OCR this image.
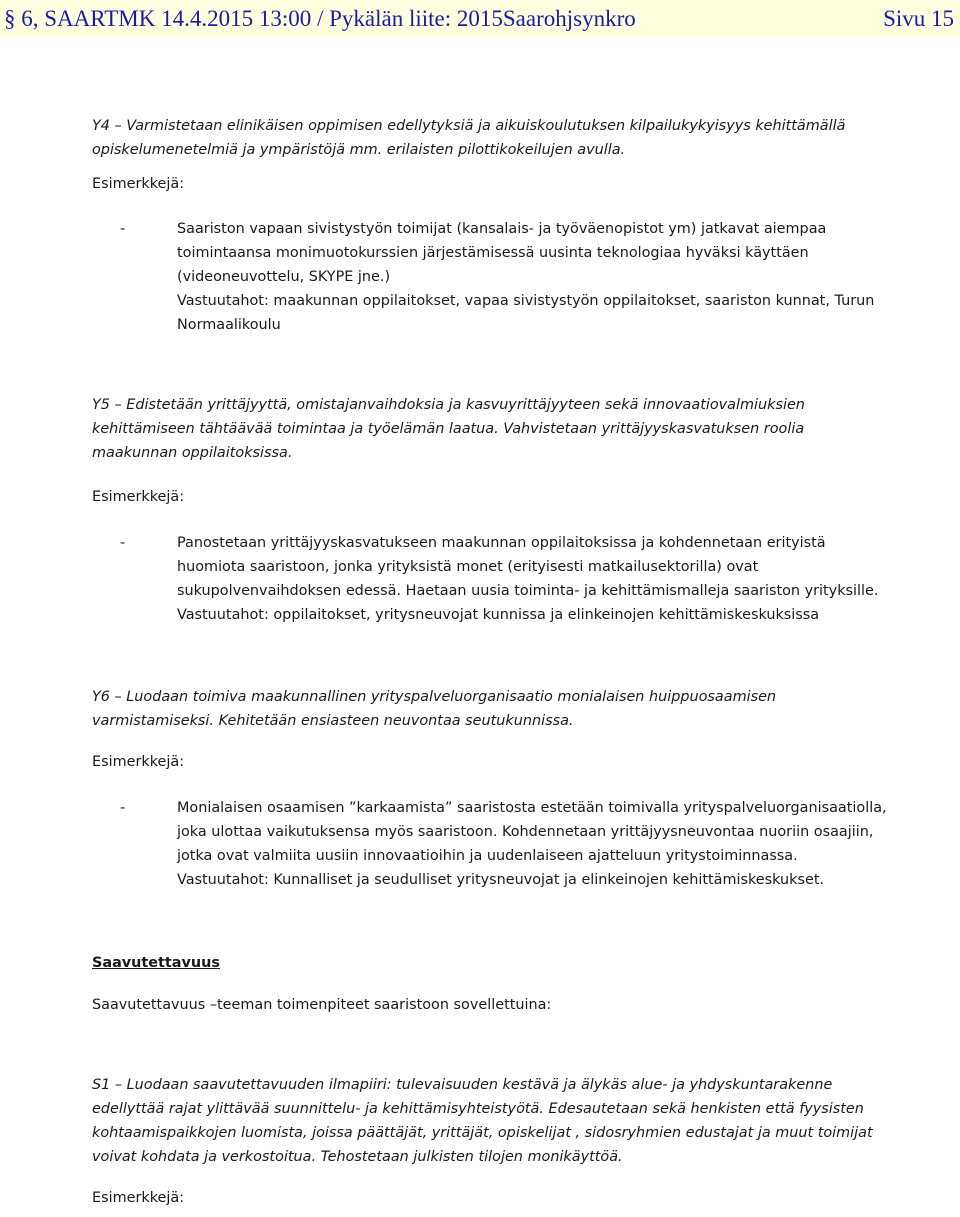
§ 6, SAARTMK 14.4.2015 13:00 / Pykälän liite: 2015Saarohjsynkro	Sivu 15

Y4 – Varmistetaan elinikäisen oppimisen edellytyksiä ja aikuiskoulutuksen kilpailukykyisyys kehittämällä opiskelumenetelmiä ja ympäristöjä mm. erilaisten pilottikokeilujen avulla.

Esimerkkejä:

-	Saariston vapaan sivistystyön toimijat (kansalais- ja työväenopistot ym) jatkavat aiempaa toimintaansa monimuotokurssien järjestämisessä uusinta teknologiaa hyväksi käyttäen (videoneuvottelu, SKYPE jne.)

Vastuutahot: maakunnan oppilaitokset, vapaa sivistystyön oppilaitokset, saariston kunnat, Turun Normaalikoulu

Y5 – Edistetään yrittäjyyttä, omistajanvaihdoksia ja kasvuyrittäjyyteen sekä innovaatiovalmiuksien kehittämiseen tähtäävää toimintaa ja työelämän laatua. Vahvistetaan yrittäjyyskasvatuksen roolia maakunnan oppilaitoksissa.

Esimerkkejä:

-	Panostetaan yrittäjyyskasvatukseen maakunnan oppilaitoksissa ja kohdennetaan erityistä huomiota saaristoon, jonka yrityksistä monet (erityisesti matkailusektorilla) ovat sukupolvenvaihdoksen edessä. Haetaan uusia toiminta- ja kehittämismalleja saariston yrityksille.

Vastuutahot: oppilaitokset, yritysneuvojat kunnissa ja elinkeinojen kehittämiskeskuksissa

Y6 – Luodaan toimiva maakunnallinen yrityspalveluorganisaatio monialaisen huippuosaamisen varmistamiseksi. Kehitetään ensiasteen neuvontaa seutukunnissa.

Esimerkkejä:

-	Monialaisen osaamisen ”karkaamista” saaristosta estetään toimivalla yrityspalveluorganisaatiolla, joka ulottaa vaikutuksensa myös saaristoon. Kohdennetaan yrittäjyysneuvontaa nuoriin osaajiin, jotka ovat valmiita uusiin innovaatioihin ja uudenlaiseen ajatteluun yritystoiminnassa.

Vastuutahot: Kunnalliset ja seudulliset yritysneuvojat ja elinkeinojen kehittämiskeskukset.

Saavutettavuus

Saavutettavuus –teeman toimenpiteet saaristoon sovellettuina:

S1 – Luodaan saavutettavuuden ilmapiiri: tulevaisuuden kestävä ja älykäs alue- ja yhdyskuntarakenne edellyttää rajat ylittävää suunnittelu- ja kehittämisyhteistyötä. Edesautetaan sekä henkisten että fyysisten kohtaamispaikkojen luomista, joissa päättäjät, yrittäjät, opiskelijat , sidosryhmien edustajat ja muut toimijat voivat kohdata ja verkostoitua. Tehostetaan julkisten tilojen monikäyttöä.

Esimerkkejä:
